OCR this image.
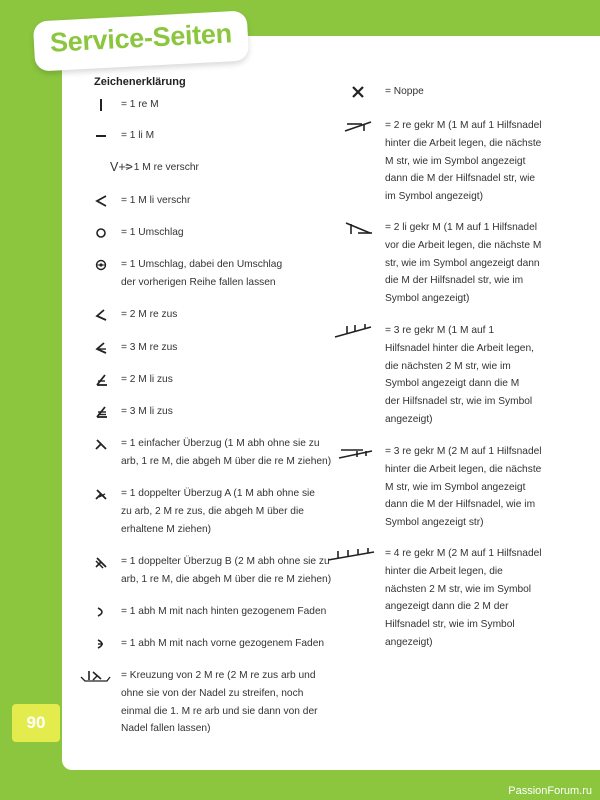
Service-Seiten
Zeichenerklärung
= 1 re M
= 1 li M
V+>
= 1 M re verschr
= 1 M li verschr
= 1 Umschlag
= 1 Umschlag, dabei den Umschlag
der vorherigen Reihe fallen lassen
= 2 M re zus
= 3 M re zus
= 2 M li zus
= 3 M li zus
= 1 einfacher Überzug (1 M abh ohne sie zu
arb, 1 re M, die abgeh M über die re M ziehen)
= 1 doppelter Überzug A (1 M abh ohne sie
zu arb, 2 M re zus, die abgeh M über die
erhaltene M ziehen)
= 1 doppelter Überzug B (2 M abh ohne sie zu
arb, 1 re M, die abgeh M über die re M ziehen)
= 1 abh M mit nach hinten gezogenem Faden
= 1 abh M mit nach vorne gezogenem Faden
= Kreuzung von 2 M re (2 M re zus arb und
ohne sie von der Nadel zu streifen, noch
einmal die 1. M re arb und sie dann von der
Nadel fallen lassen)
= Noppe
= 2 re gekr M (1 M auf 1 Hilfsnadel
hinter die Arbeit legen, die nächste
M str, wie im Symbol angezeigt
dann die M der Hilfsnadel str, wie
im Symbol angezeigt)
= 2 li gekr M (1 M auf 1 Hilfsnadel
vor die Arbeit legen, die nächste M
str, wie im Symbol angezeigt dann
die M der Hilfsnadel str, wie im
Symbol angezeigt)
= 3 re gekr M (1 M auf 1
Hilfsnadel hinter die Arbeit legen,
die nächsten 2 M str, wie im
Symbol angezeigt dann die M
der Hilfsnadel str, wie im Symbol
angezeigt)
= 3 re gekr M (2 M auf 1 Hilfsnadel
hinter die Arbeit legen, die nächste
M str, wie im Symbol angezeigt
dann die M der Hilfsnadel, wie im
Symbol angezeigt str)
= 4 re gekr M (2 M auf 1 Hilfsnadel
hinter die Arbeit legen, die
nächsten 2 M str, wie im Symbol
angezeigt dann die 2 M der
Hilfsnadel str, wie im Symbol
angezeigt)
90
PassionForum.ru
